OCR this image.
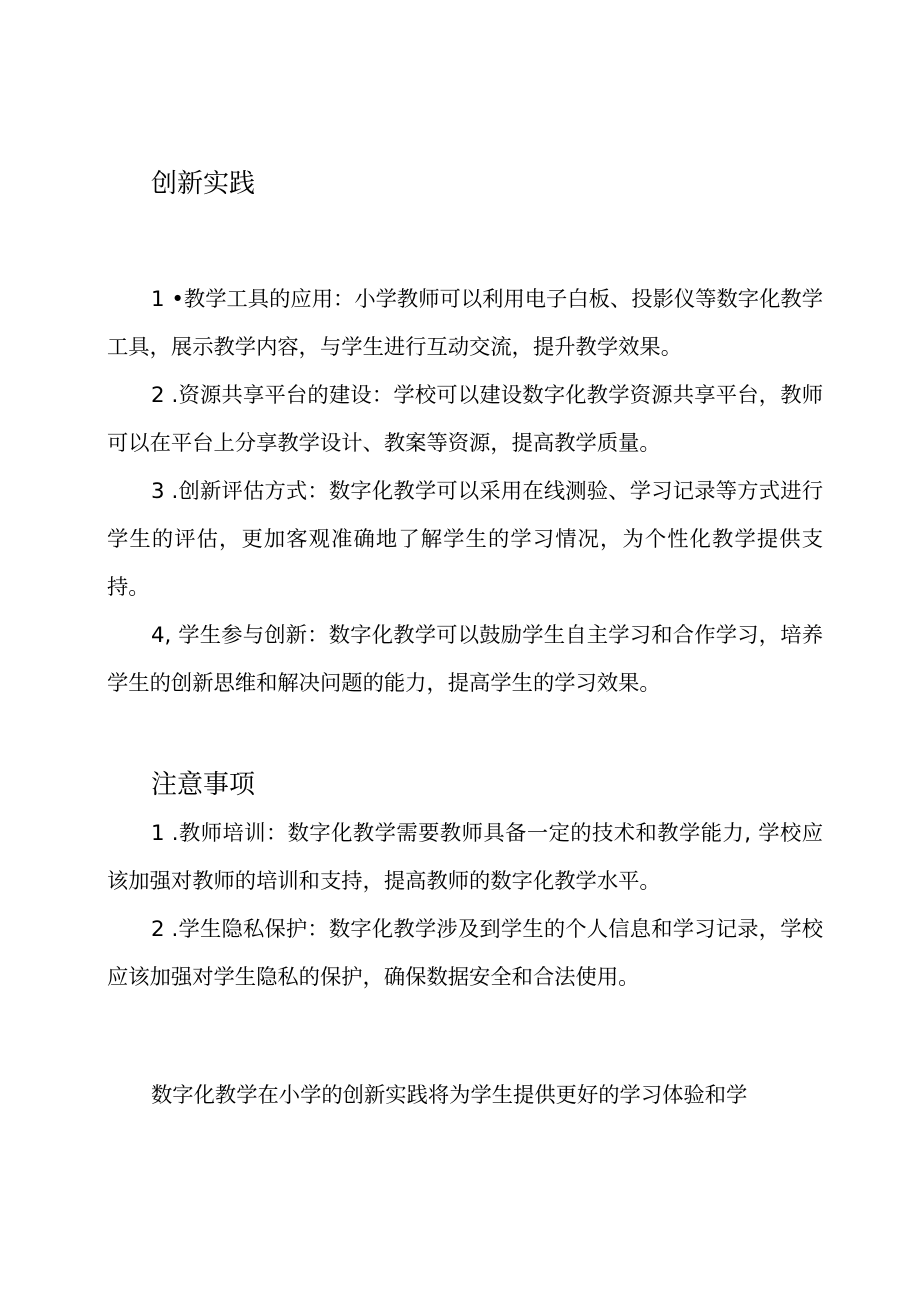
创新实践

1 •教学工具的应用：小学教师可以利用电子白板、投影仪等数字化教学工具，展示教学内容，与学生进行互动交流，提升教学效果。

2 .资源共享平台的建设：学校可以建设数字化教学资源共享平台，教师可以在平台上分享教学设计、教案等资源，提高教学质量。

3 .创新评估方式：数字化教学可以采用在线测验、学习记录等方式进行学生的评估，更加客观准确地了解学生的学习情况，为个性化教学提供支持。

4, 学生参与创新：数字化教学可以鼓励学生自主学习和合作学习，培养学生的创新思维和解决问题的能力，提高学生的学习效果。

注意事项

1 .教师培训：数字化教学需要教师具备一定的技术和教学能力, 学校应该加强对教师的培训和支持，提高教师的数字化教学水平。

2 .学生隐私保护：数字化教学涉及到学生的个人信息和学习记录，学校应该加强对学生隐私的保护，确保数据安全和合法使用。

数字化教学在小学的创新实践将为学生提供更好的学习体验和学
